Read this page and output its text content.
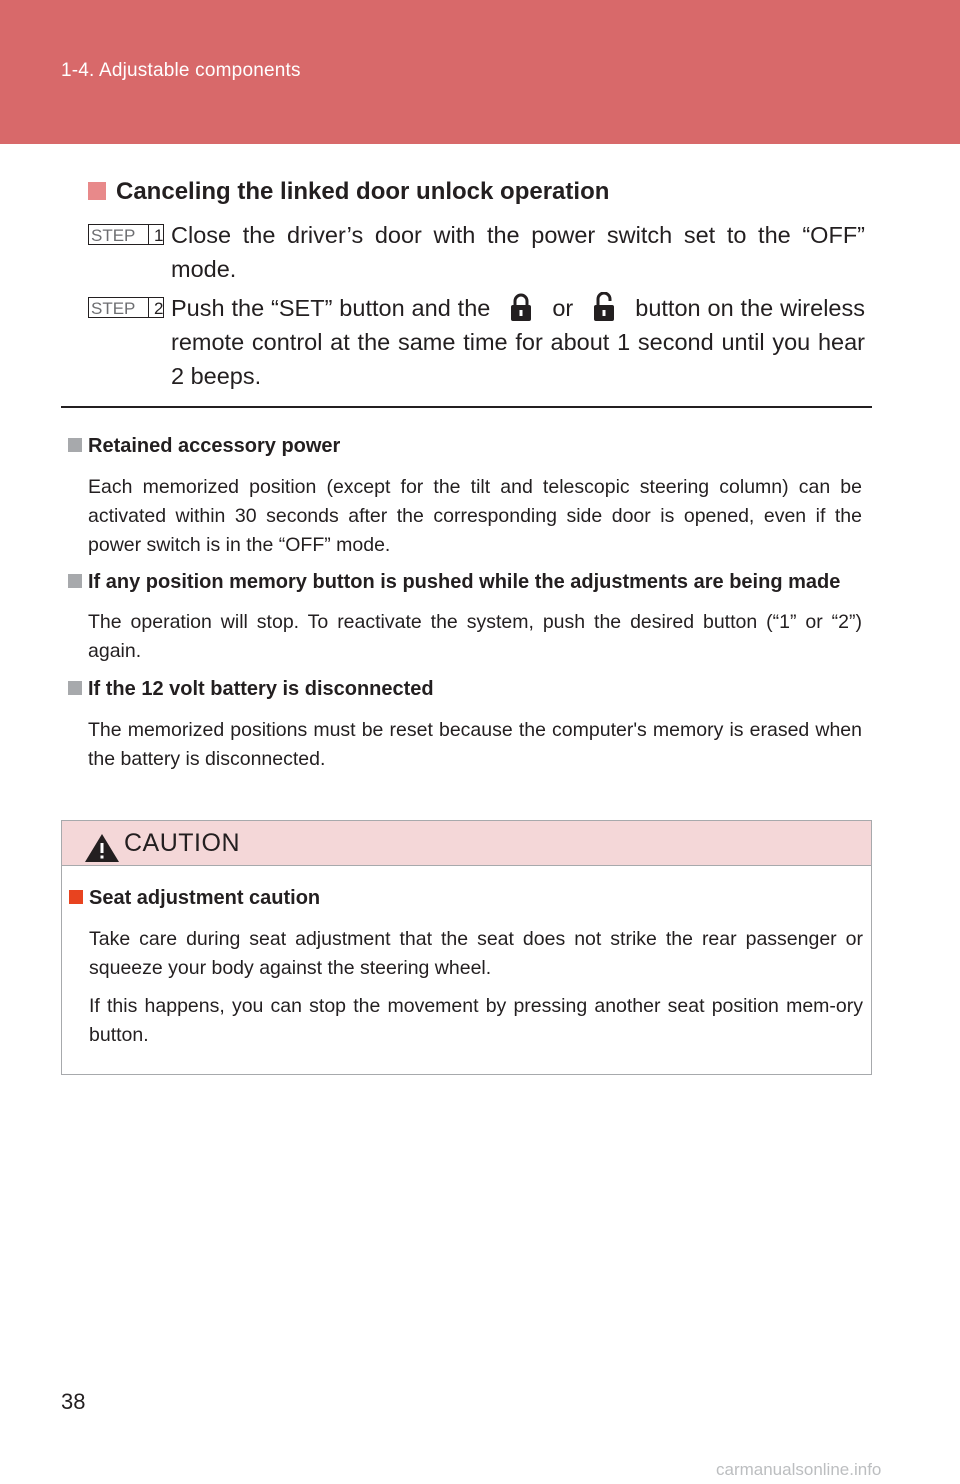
1-4. Adjustable components
Canceling the linked door unlock operation
STEP	1 Close the driver’s door with the power switch set to the “OFF” mode.
STEP	2 Push the “SET” button and the	or	button on the wireless remote control at the same time for about 1 second until you hear 2 beeps.
Retained accessory power
Each memorized position (except for the tilt and telescopic steering column) can be activated within 30 seconds after the corresponding side door is opened, even if the power switch is in the “OFF” mode.
If any position memory button is pushed while the adjustments are being made
The operation will stop. To reactivate the system, push the desired button (“1” or “2”) again.
If the 12 volt battery is disconnected
The memorized positions must be reset because the computer's memory is erased when the battery is disconnected.
CAUTION
Seat adjustment caution
Take care during seat adjustment that the seat does not strike the rear passenger or squeeze your body against the steering wheel.
If this happens, you can stop the movement by pressing another seat position mem-ory button.
38
carmanualsonline.info
